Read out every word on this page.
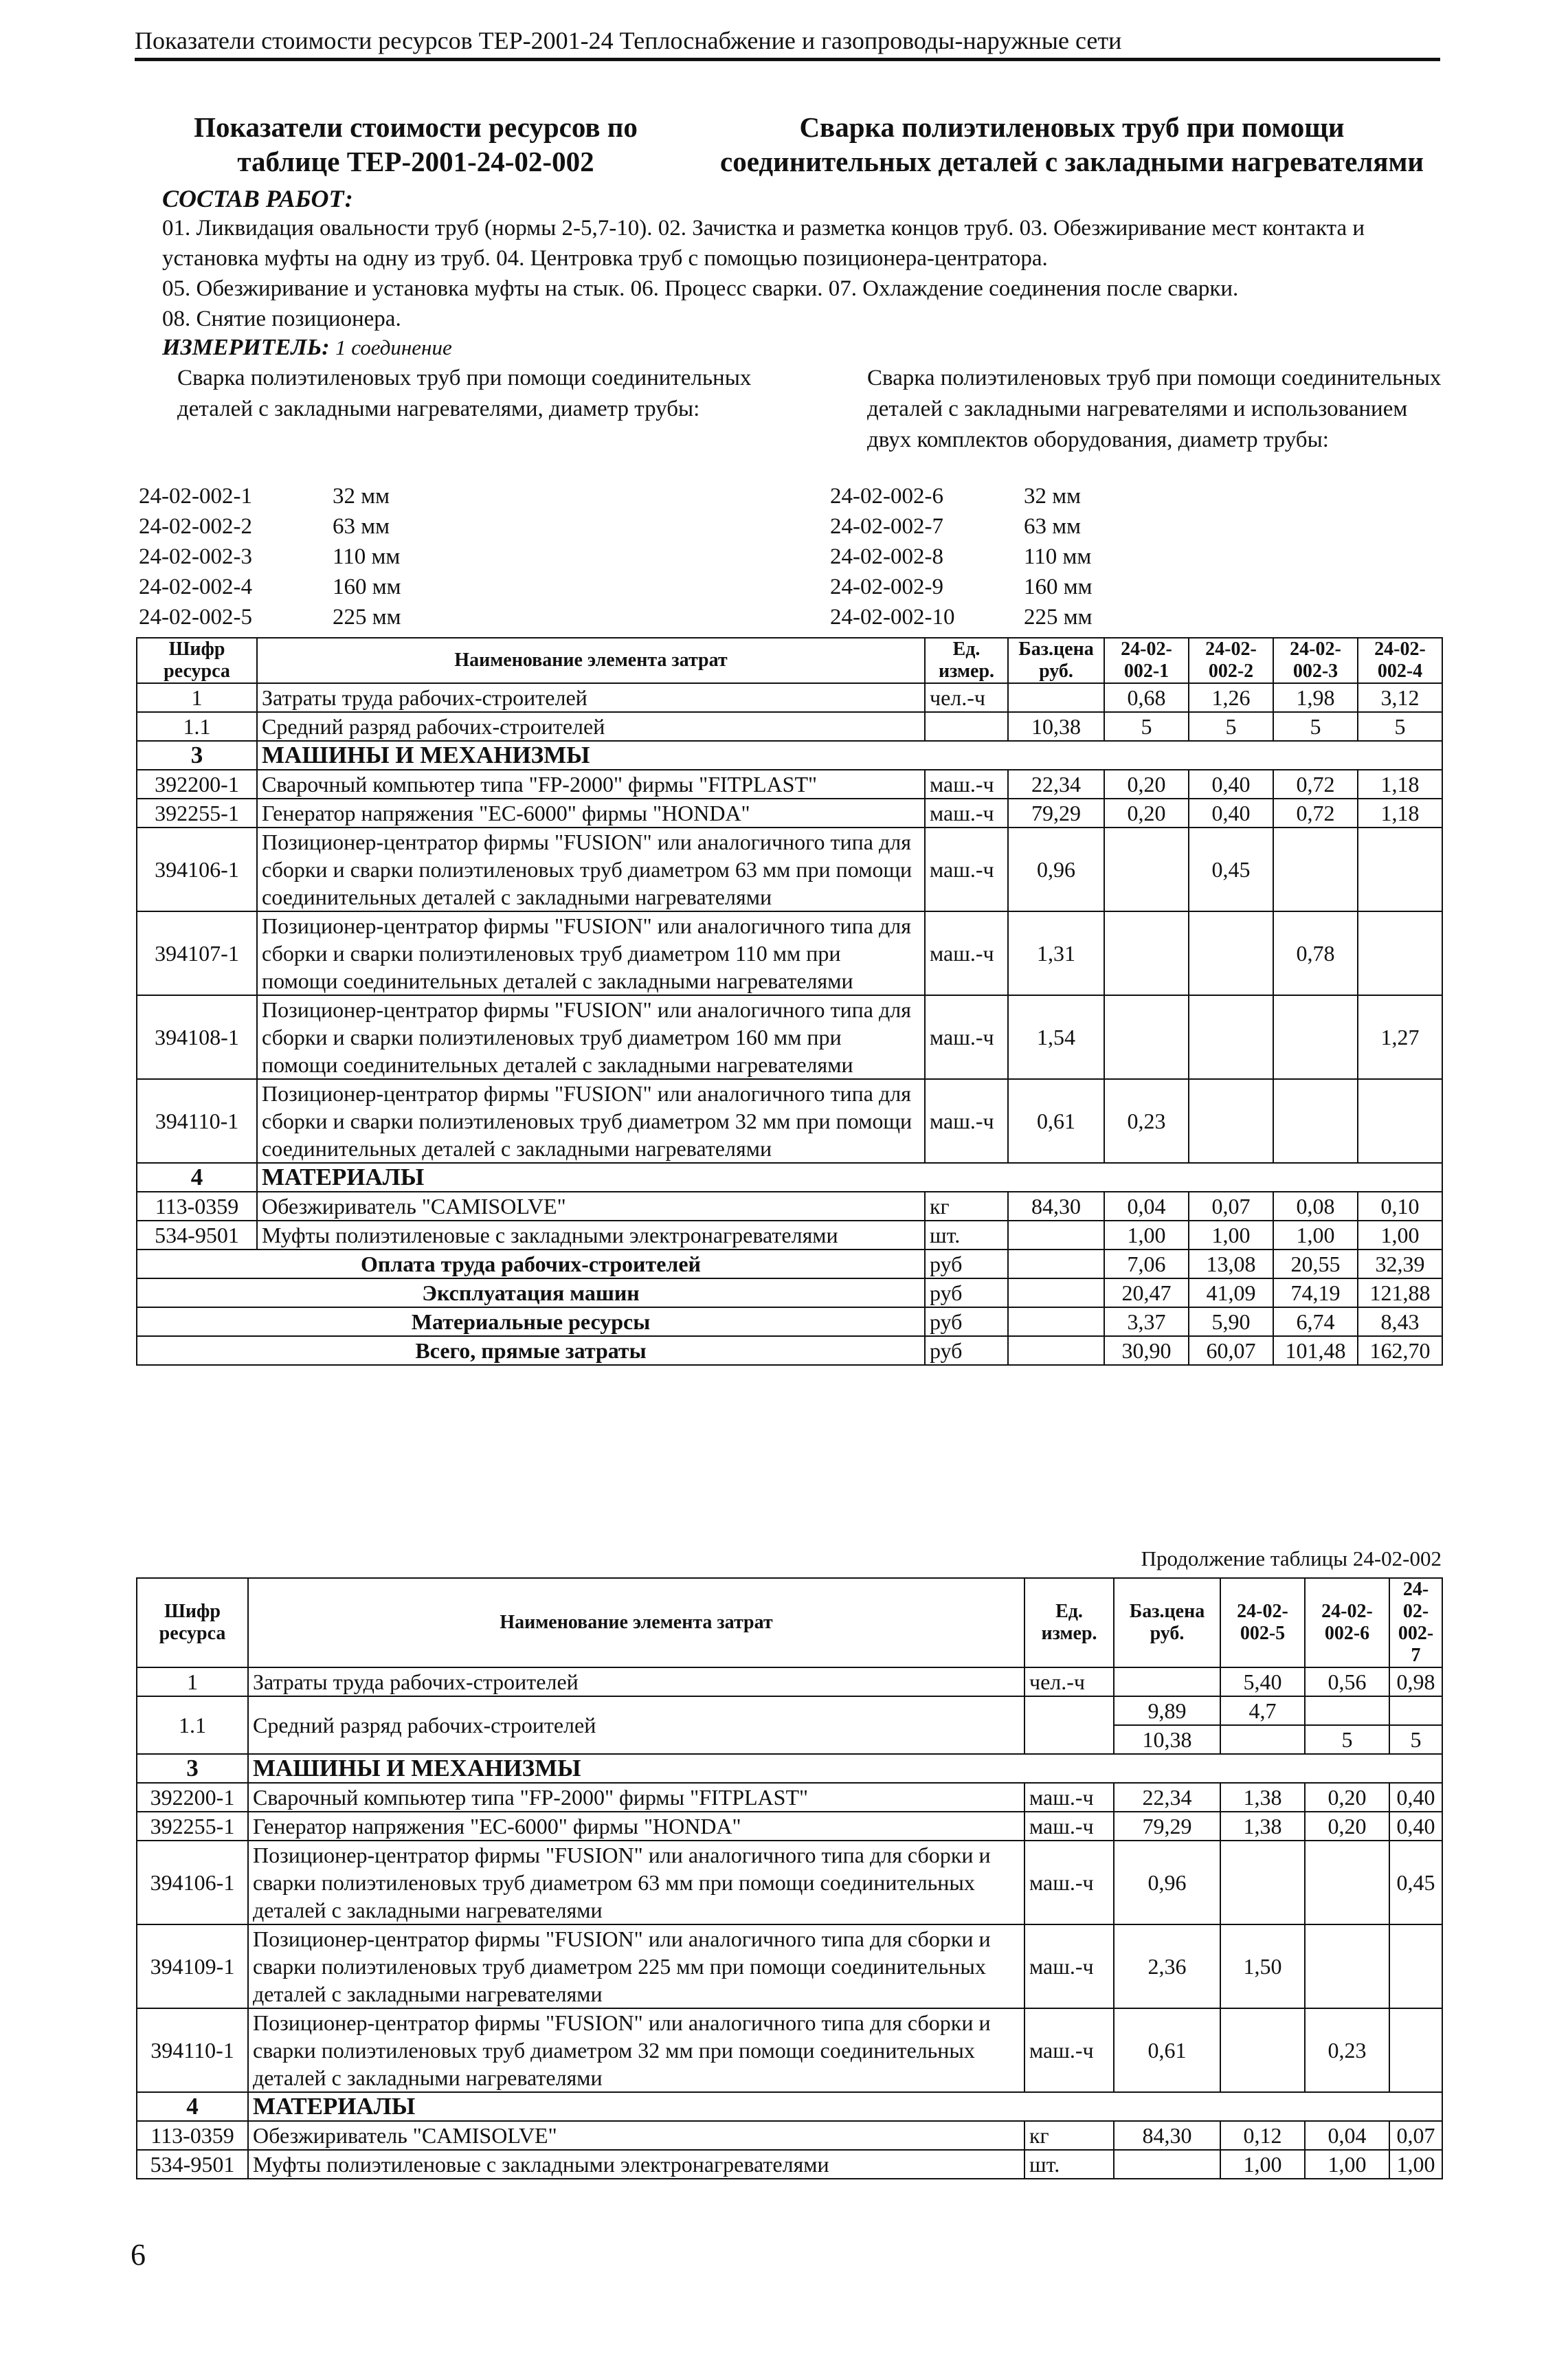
Показатели стоимости ресурсов ТЕР-2001-24 Теплоснабжение и газопроводы-наружные сети
Показатели стоимости ресурсов по таблице ТЕР-2001-24-02-002
Сварка полиэтиленовых труб при помощи соединительных деталей с закладными нагревателями
СОСТАВ РАБОТ:

01. Ликвидация овальности труб (нормы 2-5,7-10). 02. Зачистка и разметка концов труб. 03. Обезжиривание мест контакта и установка муфты на одну из труб. 04. Центровка труб с помощью позиционера-центратора.

05. Обезжиривание и установка муфты на стык. 06. Процесс сварки. 07. Охлаждение соединения после сварки.

08. Снятие позиционера.

ИЗМЕРИТЕЛЬ: 1 соединение
Сварка полиэтиленовых труб при помощи соединительных деталей с закладными нагревателями, диаметр трубы:
Сварка полиэтиленовых труб при помощи соединительных деталей с закладными нагревателями и использованием двух комплектов оборудования, диаметр трубы:
24-02-002-1	32 мм
24-02-002-2	63 мм
24-02-002-3	110 мм
24-02-002-4	160 мм
24-02-002-5	225 мм
24-02-002-6	32 мм
24-02-002-7	63 мм
24-02-002-8	110 мм
24-02-002-9	160 мм
24-02-002-10	225 мм
Шифр ресурса	Наименование элемента затрат	Ед. измер.	Баз.цена руб.	24-02-002-1	24-02-002-2	24-02-002-3	24-02-002-4
1	Затраты труда рабочих-строителей	чел.-ч		0,68	1,26	1,98	3,12
1.1	Средний разряд рабочих-строителей		10,38	5	5	5	5
3	МАШИНЫ И МЕХАНИЗМЫ						
392200-1	Сварочный компьютер типа "FP-2000" фирмы "FITPLAST"	маш.-ч	22,34	0,20	0,40	0,72	1,18
392255-1	Генератор напряжения "EC-6000" фирмы "HONDA"	маш.-ч	79,29	0,20	0,40	0,72	1,18
394106-1	Позиционер-центратор фирмы "FUSION" или аналогичного типа для сборки и сварки полиэтиленовых труб диаметром 63 мм при помощи соединительных деталей с закладными нагревателями	маш.-ч	0,96		0,45		
394107-1	Позиционер-центратор фирмы "FUSION" или аналогичного типа для сборки и сварки полиэтиленовых труб диаметром 110 мм при помощи соединительных деталей с закладными нагревателями	маш.-ч	1,31			0,78	
394108-1	Позиционер-центратор фирмы "FUSION" или аналогичного типа для сборки и сварки полиэтиленовых труб диаметром 160 мм при помощи соединительных деталей с закладными нагревателями	маш.-ч	1,54				1,27
394110-1	Позиционер-центратор фирмы "FUSION" или аналогичного типа для сборки и сварки полиэтиленовых труб диаметром 32 мм при помощи соединительных деталей с закладными нагревателями	маш.-ч	0,61	0,23			
4	МАТЕРИАЛЫ						
113-0359	Обезжириватель "CAMISOLVE"	кг	84,30	0,04	0,07	0,08	0,10
534-9501	Муфты полиэтиленовые с закладными электронагревателями	шт.		1,00	1,00	1,00	1,00
Оплата труда рабочих-строителей		руб		7,06	13,08	20,55	32,39
Эксплуатация машин		руб		20,47	41,09	74,19	121,88
Материальные ресурсы		руб		3,37	5,90	6,74	8,43
Всего, прямые затраты		руб		30,90	60,07	101,48	162,70
Продолжение таблицы 24-02-002
Шифр ресурса	Наименование элемента затрат	Ед. измер.	Баз.цена руб.	24-02-002-5	24-02-002-6	24-02-002-7
1	Затраты труда рабочих-строителей	чел.-ч		5,40	0,56	0,98
1.1	Средний разряд рабочих-строителей		9,89	4,7		
			10,38		5	5
3	МАШИНЫ И МЕХАНИЗМЫ					
392200-1	Сварочный компьютер типа "FP-2000" фирмы "FITPLAST"	маш.-ч	22,34	1,38	0,20	0,40
392255-1	Генератор напряжения "EC-6000" фирмы "HONDA"	маш.-ч	79,29	1,38	0,20	0,40
394106-1	Позиционер-центратор фирмы "FUSION" или аналогичного типа для сборки и сварки полиэтиленовых труб диаметром 63 мм при помощи соединительных деталей с закладными нагревателями	маш.-ч	0,96			0,45
394109-1	Позиционер-центратор фирмы "FUSION" или аналогичного типа для сборки и сварки полиэтиленовых труб диаметром 225 мм при помощи соединительных деталей с закладными нагревателями	маш.-ч	2,36	1,50		
394110-1	Позиционер-центратор фирмы "FUSION" или аналогичного типа для сборки и сварки полиэтиленовых труб диаметром 32 мм при помощи соединительных деталей с закладными нагревателями	маш.-ч	0,61		0,23	
4	МАТЕРИАЛЫ					
113-0359	Обезжириватель "CAMISOLVE"	кг	84,30	0,12	0,04	0,07
534-9501	Муфты полиэтиленовые с закладными электронагревателями	шт.		1,00	1,00	1,00
6
